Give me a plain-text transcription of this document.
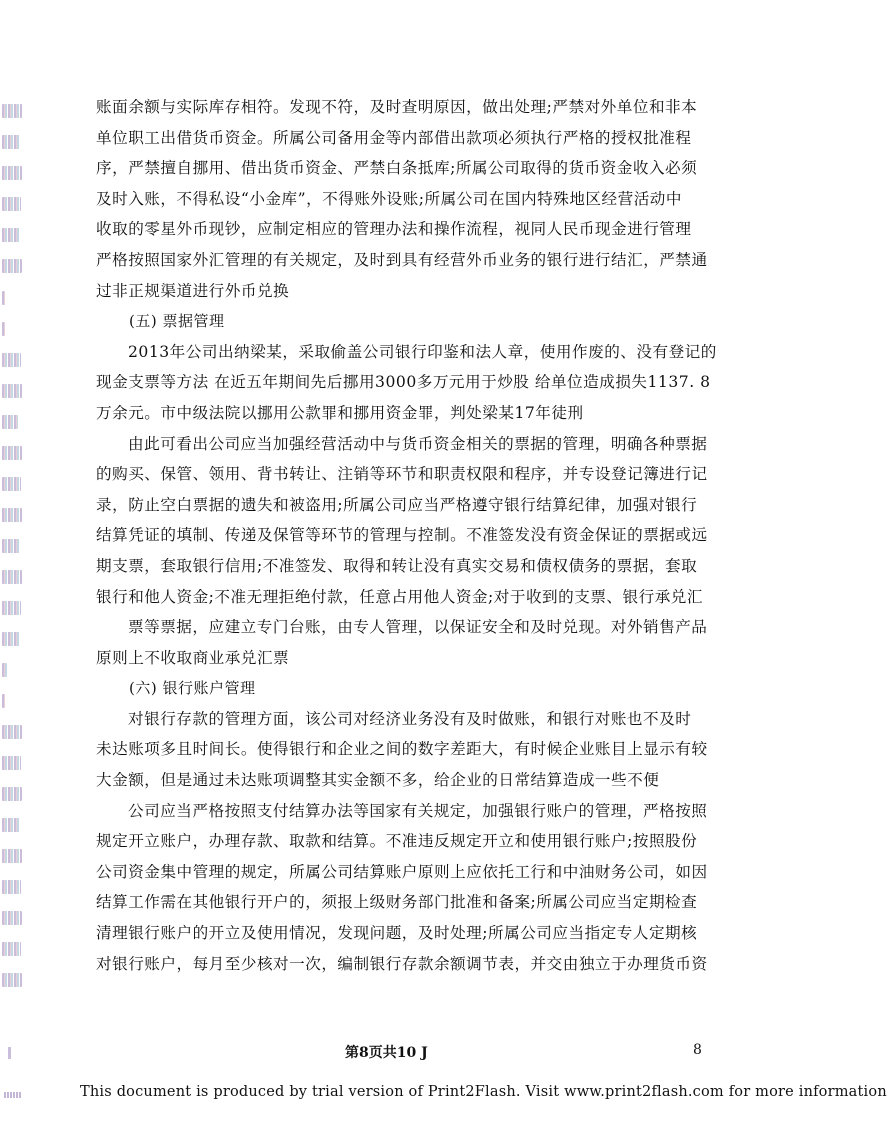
账面余额与实际库存相符。发现不符，及时查明原因，做出处理;严禁对外单位和非本
单位职工出借货币资金。所属公司备用金等内部借出款项必须执行严格的授权批准程
序，严禁擅自挪用、借出货币资金、严禁白条抵库;所属公司取得的货币资金收入必须
及时入账，不得私设“小金库”，不得账外设账;所属公司在国内特殊地区经营活动中
收取的零星外币现钞，应制定相应的管理办法和操作流程，视同人民币现金进行管理
严格按照国家外汇管理的有关规定，及时到具有经营外币业务的银行进行结汇，严禁通
过非正规渠道进行外币兑换
(五) 票据管理
2013年公司出纳梁某，采取偷盖公司银行印鉴和法人章，使用作废的、没有登记的
现金支票等方法 在近五年期间先后挪用3000多万元用于炒股 给单位造成损失1137. 8
万余元。市中级法院以挪用公款罪和挪用资金罪，判处梁某17年徒刑
由此可看出公司应当加强经营活动中与货币资金相关的票据的管理，明确各种票据
的购买、保管、领用、背书转让、注销等环节和职责权限和程序，并专设登记簿进行记
录，防止空白票据的遗失和被盗用;所属公司应当严格遵守银行结算纪律，加强对银行
结算凭证的填制、传递及保管等环节的管理与控制。不准签发没有资金保证的票据或远
期支票，套取银行信用;不准签发、取得和转让没有真实交易和债权债务的票据，套取
银行和他人资金;不准无理拒绝付款，任意占用他人资金;对于收到的支票、银行承兑汇
票等票据，应建立专门台账，由专人管理，以保证安全和及时兑现。对外销售产品
原则上不收取商业承兑汇票
(六) 银行账户管理
对银行存款的管理方面，该公司对经济业务没有及时做账，和银行对账也不及时
未达账项多且时间长。使得银行和企业之间的数字差距大，有时候企业账目上显示有较
大金额，但是通过未达账项调整其实金额不多，给企业的日常结算造成一些不便
公司应当严格按照支付结算办法等国家有关规定，加强银行账户的管理，严格按照
规定开立账户，办理存款、取款和结算。不准违反规定开立和使用银行账户;按照股份
公司资金集中管理的规定，所属公司结算账户原则上应依托工行和中油财务公司，如因
结算工作需在其他银行开户的，须报上级财务部门批准和备案;所属公司应当定期检查
清理银行账户的开立及使用情况，发现问题，及时处理;所属公司应当指定专人定期核
对银行账户，每月至少核对一次，编制银行存款余额调节表，并交由独立于办理货币资
第8页共10 J	8
This document is produced by trial version of Print2Flash. Visit www.print2flash.com for more information
